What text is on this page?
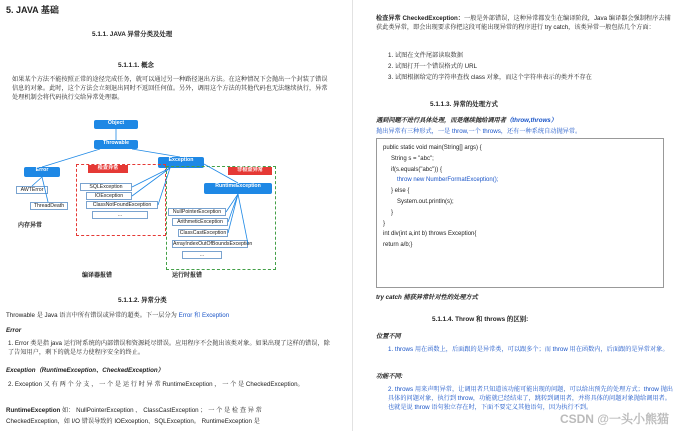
5. JAVA 基础
5.1.1. JAVA 异常分类及处理
5.1.1.1. 概念
如果某个方法不能按照正常的途径完成任务，就可以通过另一种路径退出方法。在这种情况下会抛出一个封装了错误信息的对象。此时，这个方法会立刻退出同时不返回任何值。另外，调用这个方法的其他代码也无法继续执行，异常处理机制会将代码执行交给异常处理器。
Object
Throwable
Error
AWTError
ThreadDeath
内存异常
Exception
检查异常
SQLException
IOException
ClassNotFoundException
...
非检查异常
RuntimeException
NullPointerException
ArithmeticException
ClassCastException
ArrayIndexOutOfBoundsException
...
编译器报错	运行时报错
5.1.1.2. 异常分类
Throwable 是 Java 语言中所有错误或异常的超类。下一层分为 Error 和 Exception
Error
1. Error 类是指 java 运行时系统的内部错误和资源耗尽错误。应用程序不会抛出该类对象。如果出现了这样的错误，除了告知用户，剩下的就是尽力使程序安全的终止。
Exception（RuntimeException、CheckedException）
2. Exception 又 有 两 个 分 支 ， 一 个 是 运 行 时 异 常 RuntimeException ， 一 个 是 CheckedException。
RuntimeException 如： NullPointerException 、 ClassCastException ； 一 个 是 检 查 异 常
CheckedException，如 I/O 错误导致的 IOException、SQLException。 RuntimeException 是
检查异常 CheckedException：一般是外部错误，这种异常都发生在编译阶段，Java 编译器会强制程序去捕获此类异常，即会出现要求你把这段可能出现异常的程序进行 try catch，该类异常一般包括几个方面：
1. 试图在文件尾部读取数据
2. 试图打开一个错误格式的 URL
3. 试图根据给定的字符串查找 class 对象，而这个字符串表示的类并不存在
5.1.1.3. 异常的处理方式
遇到问题不进行具体处理，而是继续抛给调用者（throw,throws）
抛出异常有三种形式，一是 throw,一个 throws，还有一种系统自动抛异常。
public static void main(String[] args) {
String s = "abc";
if(s.equals("abc")) {
throw new NumberFormatException();
} else {
System.out.println(s);
}
}
int div(int a,int b) throws Exception{
return a/b;}
try catch 捕获异常针对性的处理方式
5.1.1.4. Throw 和 throws 的区别:
位置不同
1. throws 用在函数上，后面跟的是异常类，可以跟多个；而 throw 用在函数内，后面跟的是异常对象。
功能不同:
2. throws 用来声明异常，让调用者只知道该功能可能出现的问题，可以给出预先的处理方式；throw 抛出具体的问题对象，执行到 throw，功能就已经结束了，跳转到调用者，并将具体的问题对象抛给调用者。也就是说 throw 语句独立存在时，下面不要定义其他语句，因为执行不到。
CSDN @一头小熊猫
